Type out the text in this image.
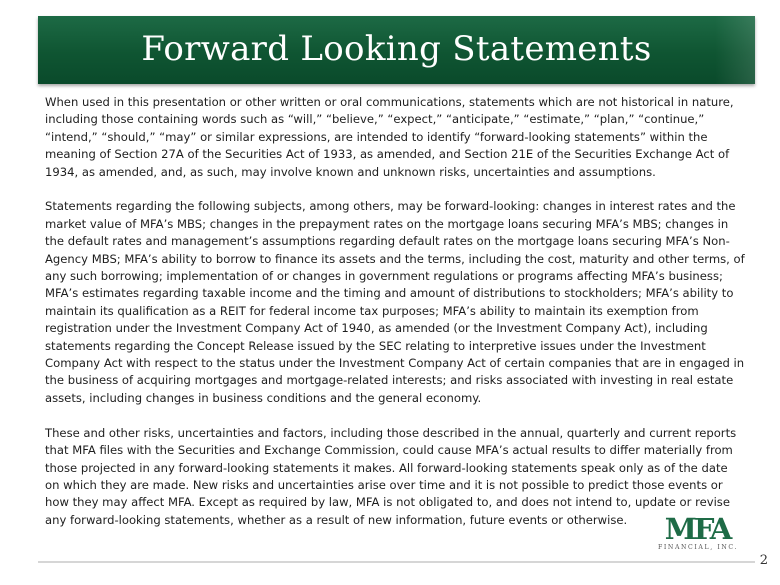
Forward Looking Statements

When used in this presentation or other written or oral communications, statements which are not historical in nature, including those containing words such as “will,” “believe,” “expect,” “anticipate,” “estimate,” “plan,” “continue,” “intend,” “should,” “may” or similar expressions, are intended to identify “forward-looking statements” within the meaning of Section 27A of the Securities Act of 1933, as amended, and Section 21E of the Securities Exchange Act of 1934, as amended, and, as such, may involve known and unknown risks, uncertainties and assumptions.

Statements regarding the following subjects, among others, may be forward-looking: changes in interest rates and the market value of MFA’s MBS; changes in the prepayment rates on the mortgage loans securing MFA’s MBS; changes in the default rates and management’s assumptions regarding default rates on the mortgage loans securing MFA’s Non-Agency MBS; MFA’s ability to borrow to finance its assets and the terms, including the cost, maturity and other terms, of any such borrowing; implementation of or changes in government regulations or programs affecting MFA’s business; MFA’s estimates regarding taxable income and the timing and amount of distributions to stockholders; MFA’s ability to maintain its qualification as a REIT for federal income tax purposes; MFA’s ability to maintain its exemption from registration under the Investment Company Act of 1940, as amended (or the Investment Company Act), including statements regarding the Concept Release issued by the SEC relating to interpretive issues under the Investment Company Act with respect to the status under the Investment Company Act of certain companies that are in engaged in the business of acquiring mortgages and mortgage-related interests; and risks associated with investing in real estate assets, including changes in business conditions and the general economy.

These and other risks, uncertainties and factors, including those described in the annual, quarterly and current reports that MFA files with the Securities and Exchange Commission, could cause MFA’s actual results to differ materially from those projected in any forward-looking statements it makes. All forward-looking statements speak only as of the date on which they are made. New risks and uncertainties arise over time and it is not possible to predict those events or how they may affect MFA. Except as required by law, MFA is not obligated to, and does not intend to, update or revise any forward-looking statements, whether as a result of new information, future events or otherwise.	MFA
FINANCIAL, INC.
2
